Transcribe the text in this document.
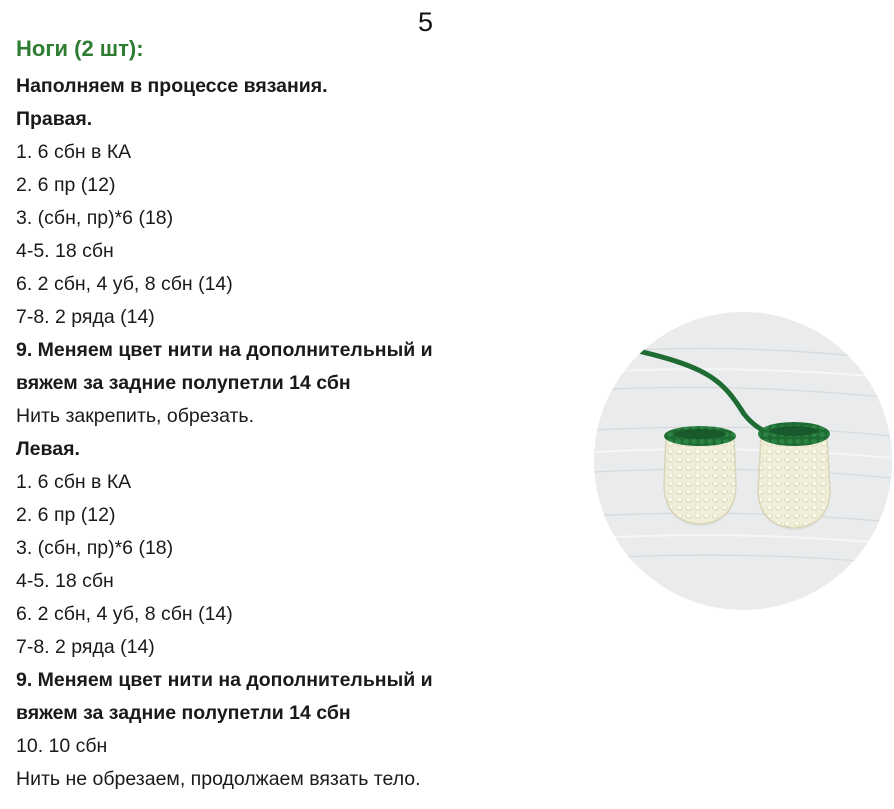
5
Ноги (2 шт):
Наполняем в процессе вязания.
Правая.
1. 6 сбн в КА
2. 6 пр (12)
3. (сбн, пр)*6 (18)
4-5. 18 сбн
6. 2 сбн, 4 уб, 8 сбн (14)
7-8. 2 ряда (14)
9. Меняем цвет нити на дополнительный и
вяжем за задние полупетли 14 сбн
Нить закрепить, обрезать.
Левая.
1. 6 сбн в КА
2. 6 пр (12)
3. (сбн, пр)*6 (18)
4-5. 18 сбн
6. 2 сбн, 4 уб, 8 сбн (14)
7-8. 2 ряда (14)
9. Меняем цвет нити на дополнительный и
вяжем за задние полупетли 14 сбн
10. 10 сбн
Нить не обрезаем, продолжаем вязать тело.
